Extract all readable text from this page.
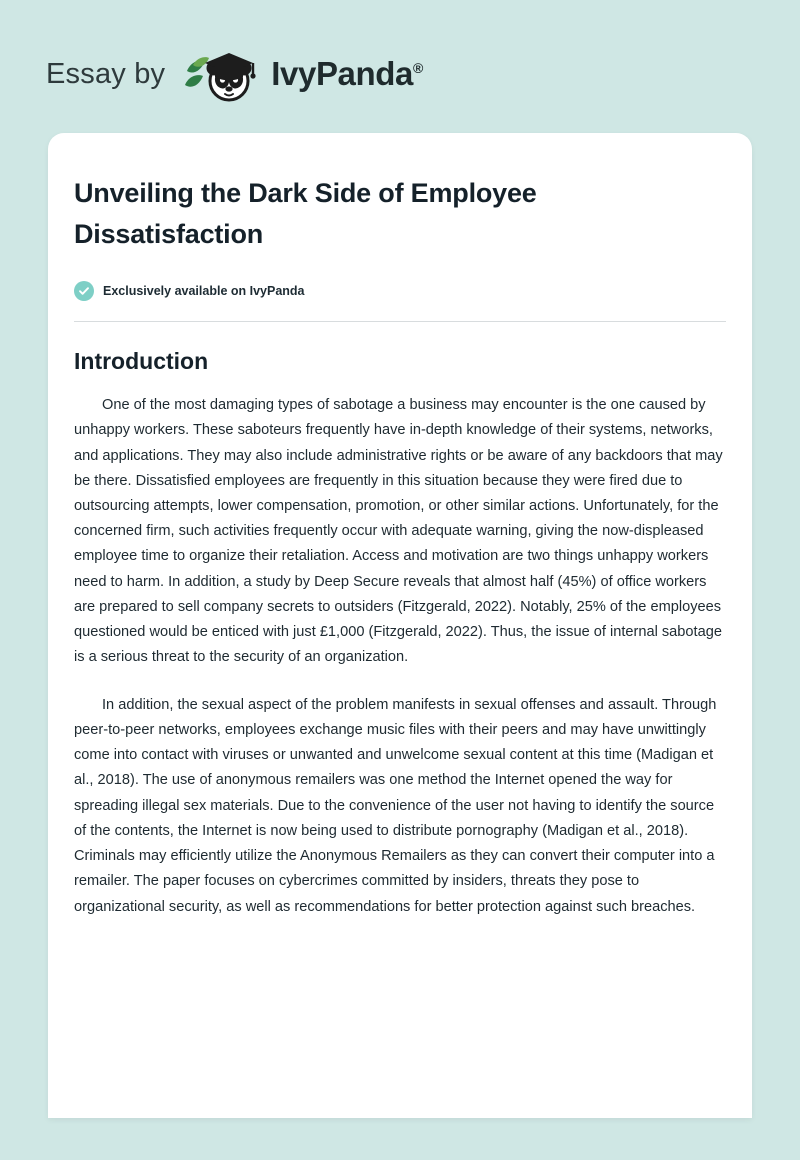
Essay by	IvyPanda®
Unveiling the Dark Side of Employee Dissatisfaction
Exclusively available on IvyPanda
Introduction

One of the most damaging types of sabotage a business may encounter is the one caused by unhappy workers. These saboteurs frequently have in-depth knowledge of their systems, networks, and applications. They may also include administrative rights or be aware of any backdoors that may be there. Dissatisfied employees are frequently in this situation because they were fired due to outsourcing attempts, lower compensation, promotion, or other similar actions. Unfortunately, for the concerned firm, such activities frequently occur with adequate warning, giving the now-displeased employee time to organize their retaliation. Access and motivation are two things unhappy workers need to harm. In addition, a study by Deep Secure reveals that almost half (45%) of office workers are prepared to sell company secrets to outsiders (Fitzgerald, 2022). Notably, 25% of the employees questioned would be enticed with just £1,000 (Fitzgerald, 2022). Thus, the issue of internal sabotage is a serious threat to the security of an organization.

In addition, the sexual aspect of the problem manifests in sexual offenses and assault. Through peer-to-peer networks, employees exchange music files with their peers and may have unwittingly come into contact with viruses or unwanted and unwelcome sexual content at this time (Madigan et al., 2018). The use of anonymous remailers was one method the Internet opened the way for spreading illegal sex materials. Due to the convenience of the user not having to identify the source of the contents, the Internet is now being used to distribute pornography (Madigan et al., 2018). Criminals may efficiently utilize the Anonymous Remailers as they can convert their computer into a remailer. The paper focuses on cybercrimes committed by insiders, threats they pose to organizational security, as well as recommendations for better protection against such breaches.
